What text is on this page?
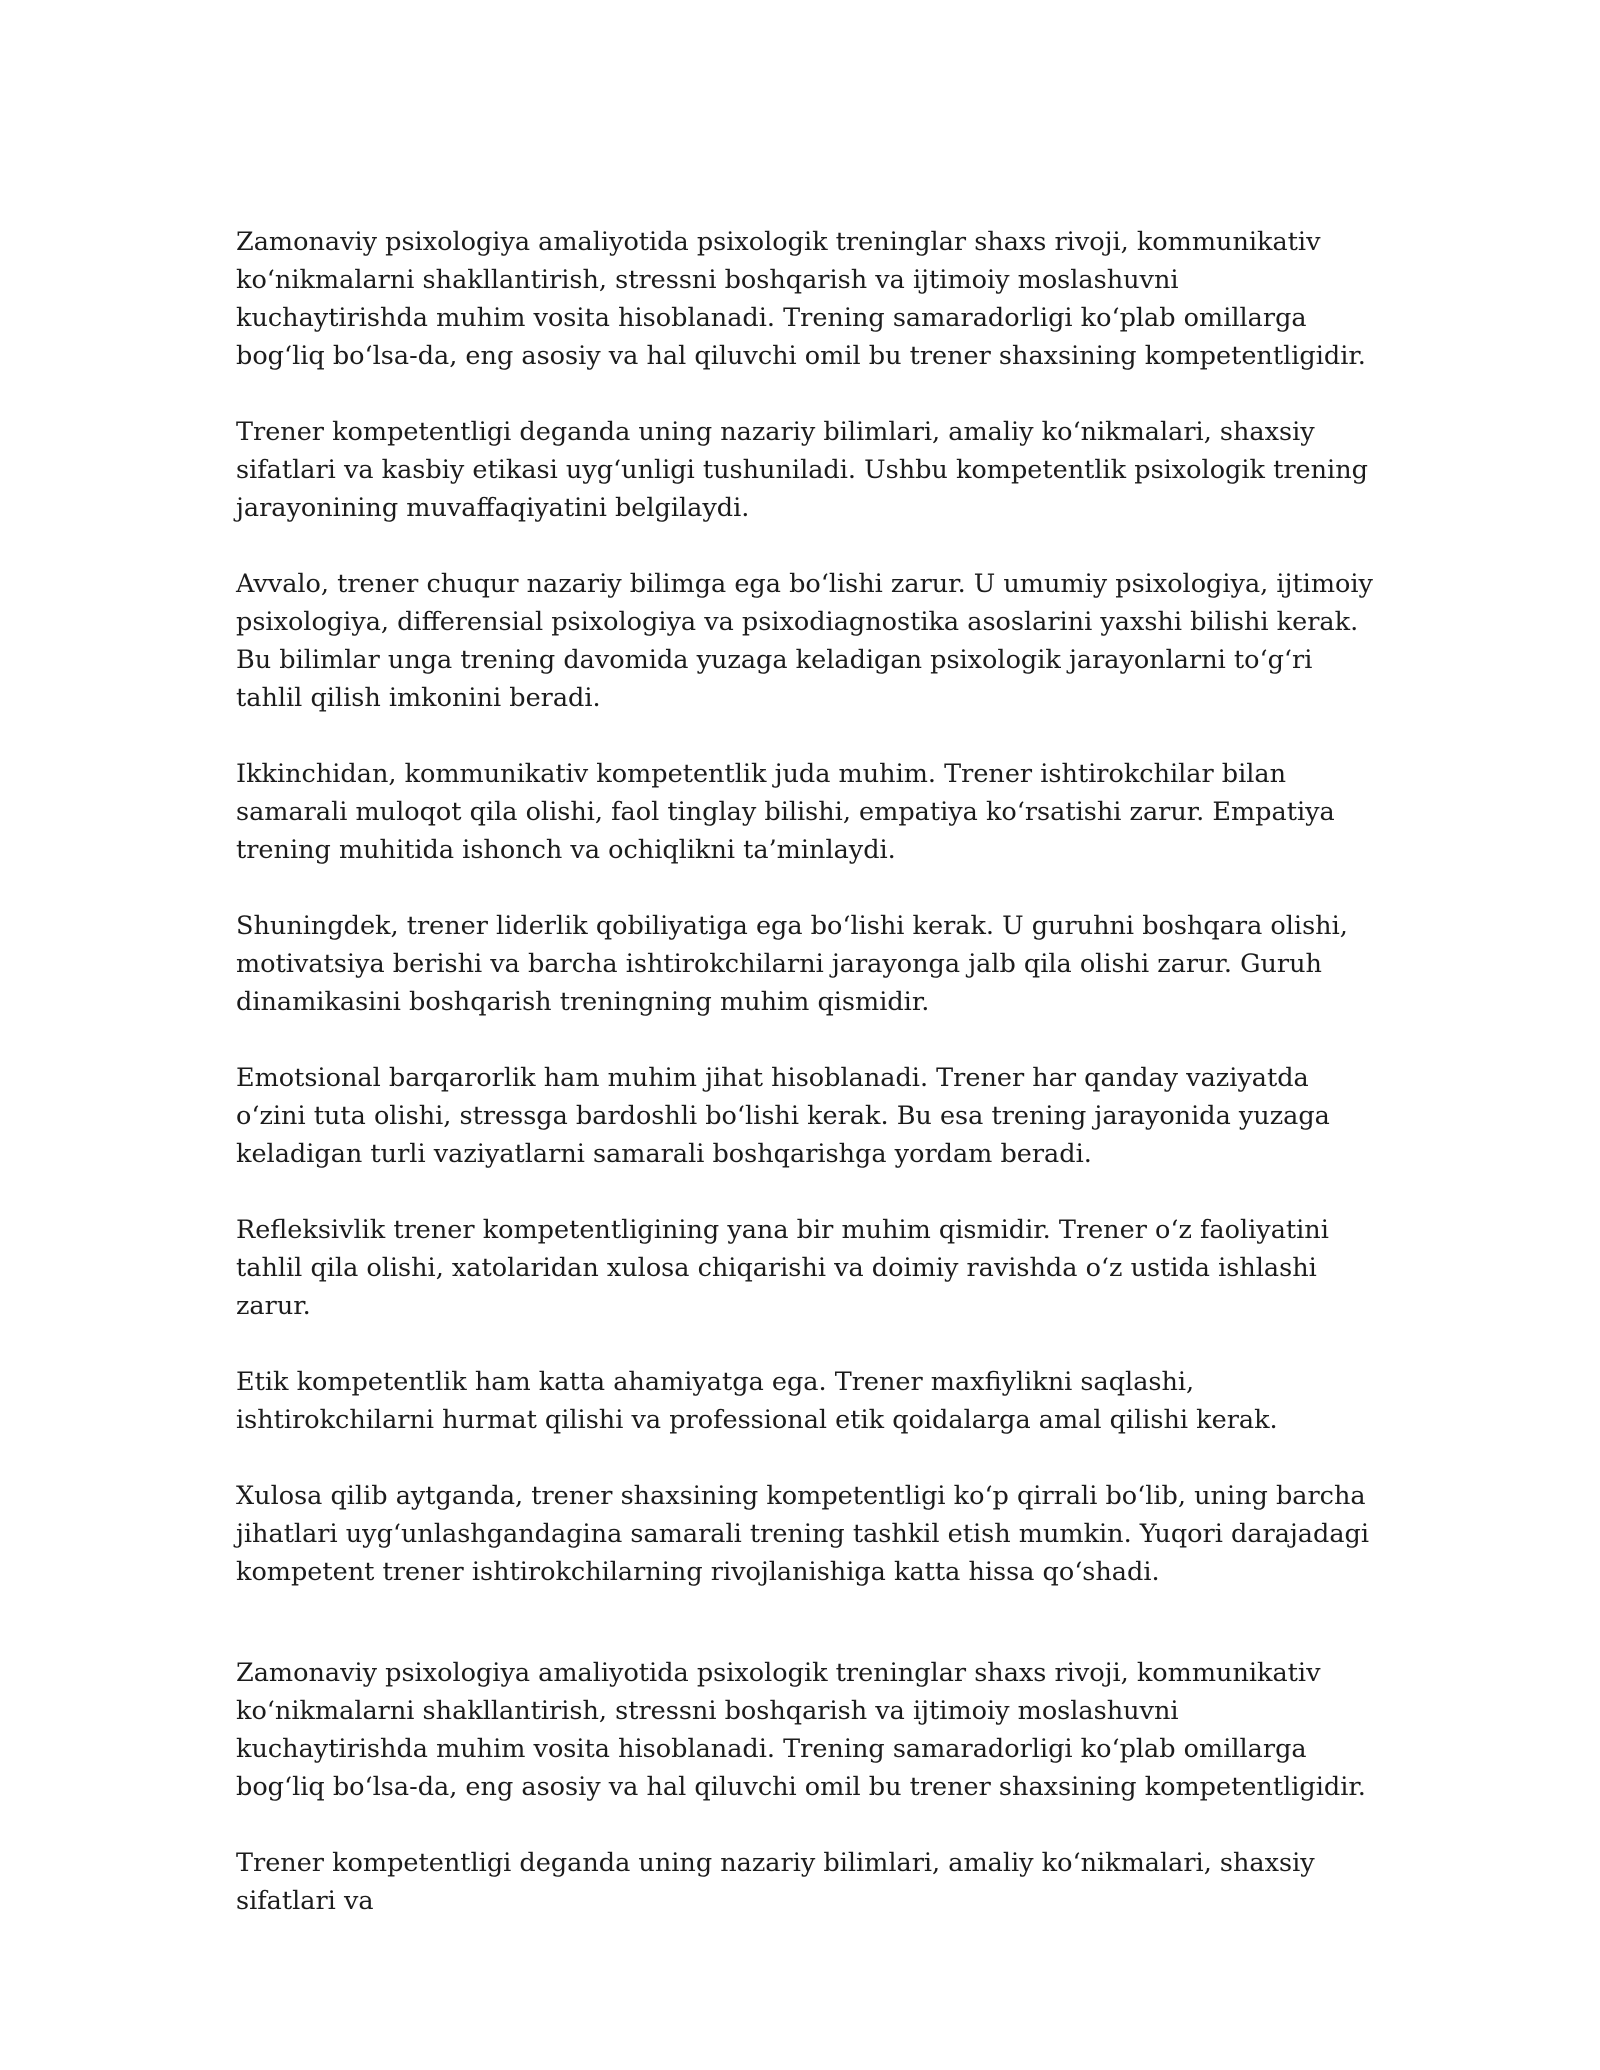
Zamonaviy psixologiya amaliyotida psixologik treninglar shaxs rivoji, kommunikativ ko‘nikmalarni shakllantirish, stressni boshqarish va ijtimoiy moslashuvni kuchaytirishda muhim vosita hisoblanadi. Trening samaradorligi ko‘plab omillarga bog‘liq bo‘lsa-da, eng asosiy va hal qiluvchi omil bu trener shaxsining kompetentligidir.

Trener kompetentligi deganda uning nazariy bilimlari, amaliy ko‘nikmalari, shaxsiy sifatlari va kasbiy etikasi uyg‘unligi tushuniladi. Ushbu kompetentlik psixologik trening jarayonining muvaffaqiyatini belgilaydi.

Avvalo, trener chuqur nazariy bilimga ega bo‘lishi zarur. U umumiy psixologiya, ijtimoiy psixologiya, differensial psixologiya va psixodiagnostika asoslarini yaxshi bilishi kerak. Bu bilimlar unga trening davomida yuzaga keladigan psixologik jarayonlarni to‘g‘ri tahlil qilish imkonini beradi.

Ikkinchidan, kommunikativ kompetentlik juda muhim. Trener ishtirokchilar bilan samarali muloqot qila olishi, faol tinglay bilishi, empatiya ko‘rsatishi zarur. Empatiya trening muhitida ishonch va ochiqlikni ta’minlaydi.

Shuningdek, trener liderlik qobiliyatiga ega bo‘lishi kerak. U guruhni boshqara olishi, motivatsiya berishi va barcha ishtirokchilarni jarayonga jalb qila olishi zarur. Guruh dinamikasini boshqarish treningning muhim qismidir.

Emotsional barqarorlik ham muhim jihat hisoblanadi. Trener har qanday vaziyatda o‘zini tuta olishi, stressga bardoshli bo‘lishi kerak. Bu esa trening jarayonida yuzaga keladigan turli vaziyatlarni samarali boshqarishga yordam beradi.

Refleksivlik trener kompetentligining yana bir muhim qismidir. Trener o‘z faoliyatini tahlil qila olishi, xatolaridan xulosa chiqarishi va doimiy ravishda o‘z ustida ishlashi zarur.

Etik kompetentlik ham katta ahamiyatga ega. Trener maxfiylikni saqlashi, ishtirokchilarni hurmat qilishi va professional etik qoidalarga amal qilishi kerak.

Xulosa qilib aytganda, trener shaxsining kompetentligi ko‘p qirrali bo‘lib, uning barcha jihatlari uyg‘unlashgandagina samarali trening tashkil etish mumkin. Yuqori darajadagi kompetent trener ishtirokchilarning rivojlanishiga katta hissa qo‘shadi.

Zamonaviy psixologiya amaliyotida psixologik treninglar shaxs rivoji, kommunikativ ko‘nikmalarni shakllantirish, stressni boshqarish va ijtimoiy moslashuvni kuchaytirishda muhim vosita hisoblanadi. Trening samaradorligi ko‘plab omillarga bog‘liq bo‘lsa-da, eng asosiy va hal qiluvchi omil bu trener shaxsining kompetentligidir.

Trener kompetentligi deganda uning nazariy bilimlari, amaliy ko‘nikmalari, shaxsiy sifatlari va
